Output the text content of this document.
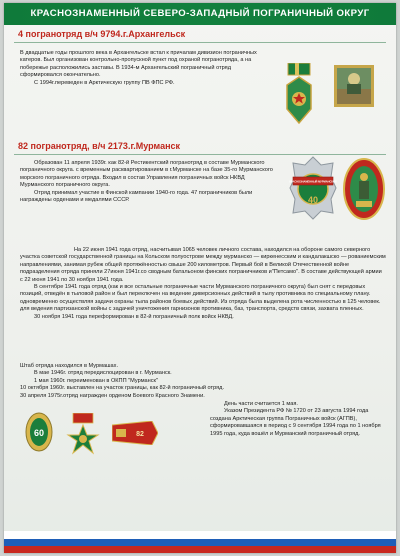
КРАСНОЗНАМЕННЫЙ СЕВЕРО-ЗАПАДНЫЙ ПОГРАНИЧНЫЙ ОКРУГ
4 погранотряд в/ч 9794.г.Архангельск

В двадцатые годы прошлого века в Архангельске встал к причалам дивизион пограничных катеров. Был организован контрольно-пропускной пункт под охраной погранотряда, а на побережье расположились заставы. В 1934-м Архангельский пограничный отряд сформировался окончательно.

С 1994г.переведен в Арктическую группу ПВ ФПС РФ.

82 погранотряд, в/ч 2173.г.Мурманск

Образован 11 апреля 1939г. как 82-й Рестикентский погранотряд в составе Мурманского пограничного округа. с временным расквартированием в г.Мурманске на базе 35-го Мурманского морского пограничного отряда. Входил в состав Управления пограничных войск НКВД Мурманского пограничного округа.

Отряд принимал участие в Финской кампании 1940-го года. 47 пограничников были награждены орденами и медалями СССР.

КРАСНОЗНАМЕННЫЙ МУРМАНСКИЙ
40

На 22 июня 1941 года отряд, насчитывая 1065 человек личного состава, находился на обороне самого северного участка советской государственной границы на Кольском полуострове между мурманско — киркенесским и кандалакшско — рованиемским направлениями, занимая рубеж общей протяжённостью свыше 200 километров. Первый бой в Великой Отечественной войне подразделения отряда приняли 27июня 1941г.со сводным батальоном финских пограничников и"Петсамо". В составе действующей армии с 22 июня 1941 по 30 ноября 1941 года.

В сентябре 1941 года отряд (как и все остальные пограничные части Мурманского пограничного округа) был снят с передовых позиций, отведён в тыловой район и был переключен на ведение диверсионных действий в тылу противника по специальному плану. одновременно осуществляя задачи охраны тыла районов боевых действий. Из отряда была выделена рота численностью в 125 человек. для ведения партизанской войны с задачей уничтожения гарнизонов противника, баз, транспорта, средств связи, захвата пленных.

30 ноября 1941 года переформирован в 82-й пограничный полк войск НКВД.

Штаб отряда находился в Мурмашах.

В мае 1946г. отряд передислоцирован в г. Мурманск.

1 мая 1960г. переименован в ОКПП "Мурманск"

10 октября 1960г. выставлен на участок границы, как 82-й пограничный отряд.

30 апреля 1975г.отряд награжден орденом Боевого Красного Знамени.

День части считается 1 мая.

Указом Президента РФ № 1720 от 23 августа 1994 года создана Арктическая группа Пограничных войск (АГПВ), сформировавшаяся в период с 9 сентября 1994 года по 1 ноября 1995 года, куда вошёл и Мурманский пограничный отряд.

60	82
